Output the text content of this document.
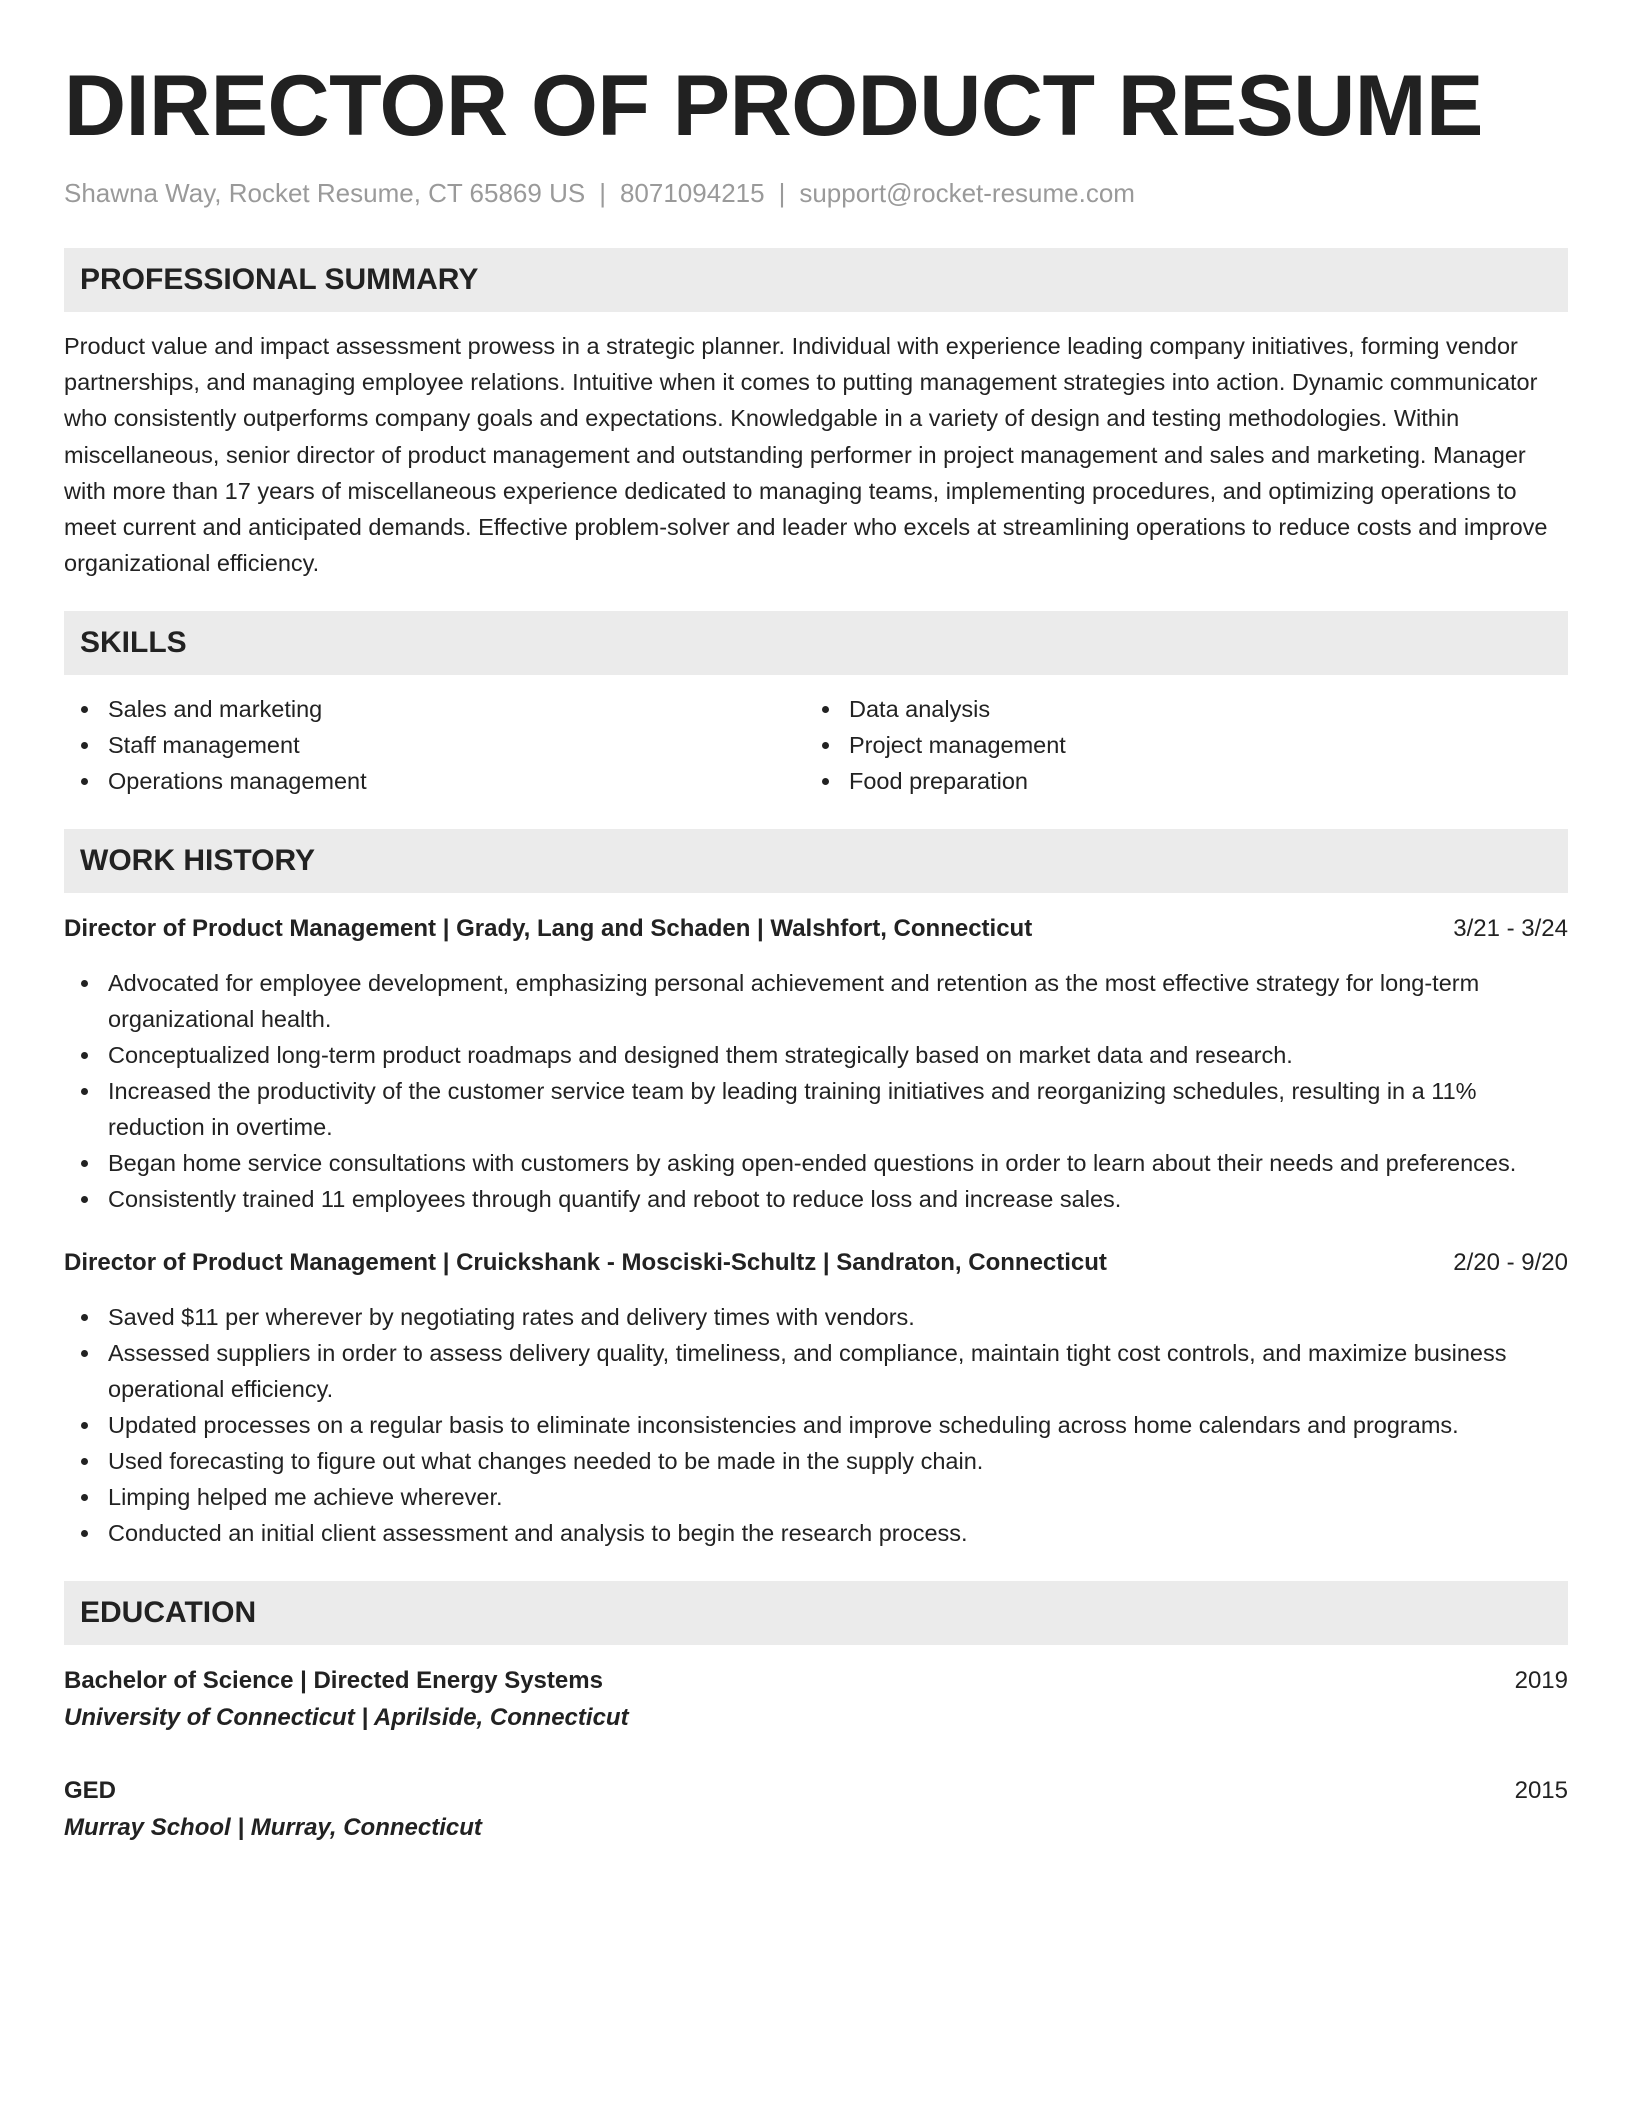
DIRECTOR OF PRODUCT RESUME
Shawna Way, Rocket Resume, CT 65869 US | 8071094215 | support@rocket-resume.com
PROFESSIONAL SUMMARY

Product value and impact assessment prowess in a strategic planner. Individual with experience leading company initiatives, forming vendor partnerships, and managing employee relations. Intuitive when it comes to putting management strategies into action. Dynamic communicator who consistently outperforms company goals and expectations. Knowledgable in a variety of design and testing methodologies. Within miscellaneous, senior director of product management and outstanding performer in project management and sales and marketing. Manager with more than 17 years of miscellaneous experience dedicated to managing teams, implementing procedures, and optimizing operations to meet current and anticipated demands. Effective problem-solver and leader who excels at streamlining operations to reduce costs and improve organizational efficiency.

SKILLS
Sales and marketing
Staff management
Operations management
Data analysis
Project management
Food preparation
WORK HISTORY
Director of Product Management | Grady, Lang and Schaden | Walshfort, Connecticut	3/21 - 3/24
Advocated for employee development, emphasizing personal achievement and retention as the most effective strategy for long-term organizational health.
Conceptualized long-term product roadmaps and designed them strategically based on market data and research.
Increased the productivity of the customer service team by leading training initiatives and reorganizing schedules, resulting in a 11% reduction in overtime.
Began home service consultations with customers by asking open-ended questions in order to learn about their needs and preferences.
Consistently trained 11 employees through quantify and reboot to reduce loss and increase sales.
Director of Product Management | Cruickshank - Mosciski-Schultz | Sandraton, Connecticut	2/20 - 9/20
Saved $11 per wherever by negotiating rates and delivery times with vendors.
Assessed suppliers in order to assess delivery quality, timeliness, and compliance, maintain tight cost controls, and maximize business operational efficiency.
Updated processes on a regular basis to eliminate inconsistencies and improve scheduling across home calendars and programs.
Used forecasting to figure out what changes needed to be made in the supply chain.
Limping helped me achieve wherever.
Conducted an initial client assessment and analysis to begin the research process.
EDUCATION
Bachelor of Science | Directed Energy Systems	2019
University of Connecticut | Aprilside, Connecticut
GED	2015
Murray School | Murray, Connecticut
